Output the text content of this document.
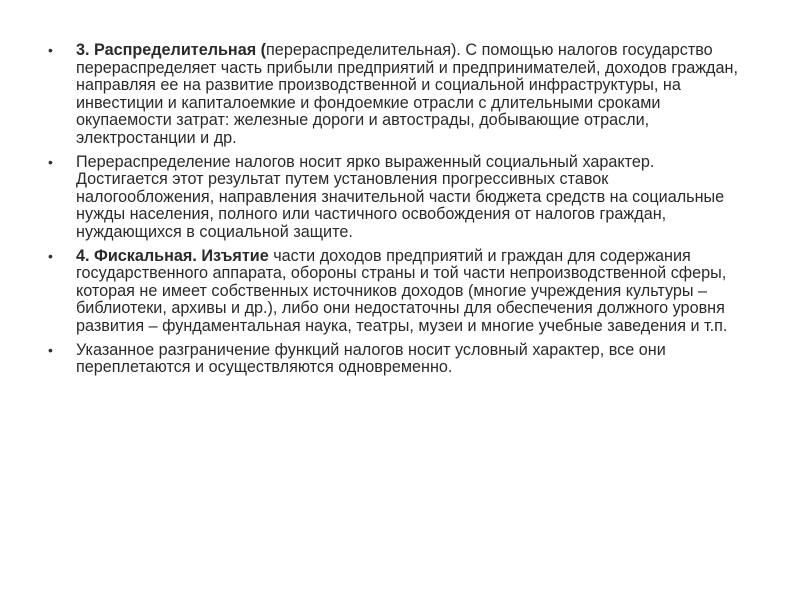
• 3. Распределительная (перераспределительная). С помощью налогов государство перераспределяет часть прибыли предприятий и предпринимателей, доходов граждан, направляя ее на развитие производственной и социальной инфраструктуры, на инвестиции и капиталоемкие и фондоемкие отрасли с длительными сроками окупаемости затрат: железные дороги и автострады, добывающие отрасли, электростанции и др.
• Перераспределение налогов носит ярко выраженный социальный характер. Достигается этот результат путем установления прогрессивных ставок налогообложения, направления значительной части бюджета средств на социальные нужды населения, полного или частичного освобождения от налогов граждан, нуждающихся в социальной защите.
• 4. Фискальная. Изъятие части доходов предприятий и граждан для содержания государственного аппарата, обороны страны и той части непроизводственной сферы, которая не имеет собственных источников доходов (многие учреждения культуры – библиотеки, архивы и др.), либо они недостаточны для обеспечения должного уровня развития – фундаментальная наука, театры, музеи и многие учебные заведения и т.п.
• Указанное разграничение функций налогов носит условный характер, все они переплетаются и осуществляются одновременно.
